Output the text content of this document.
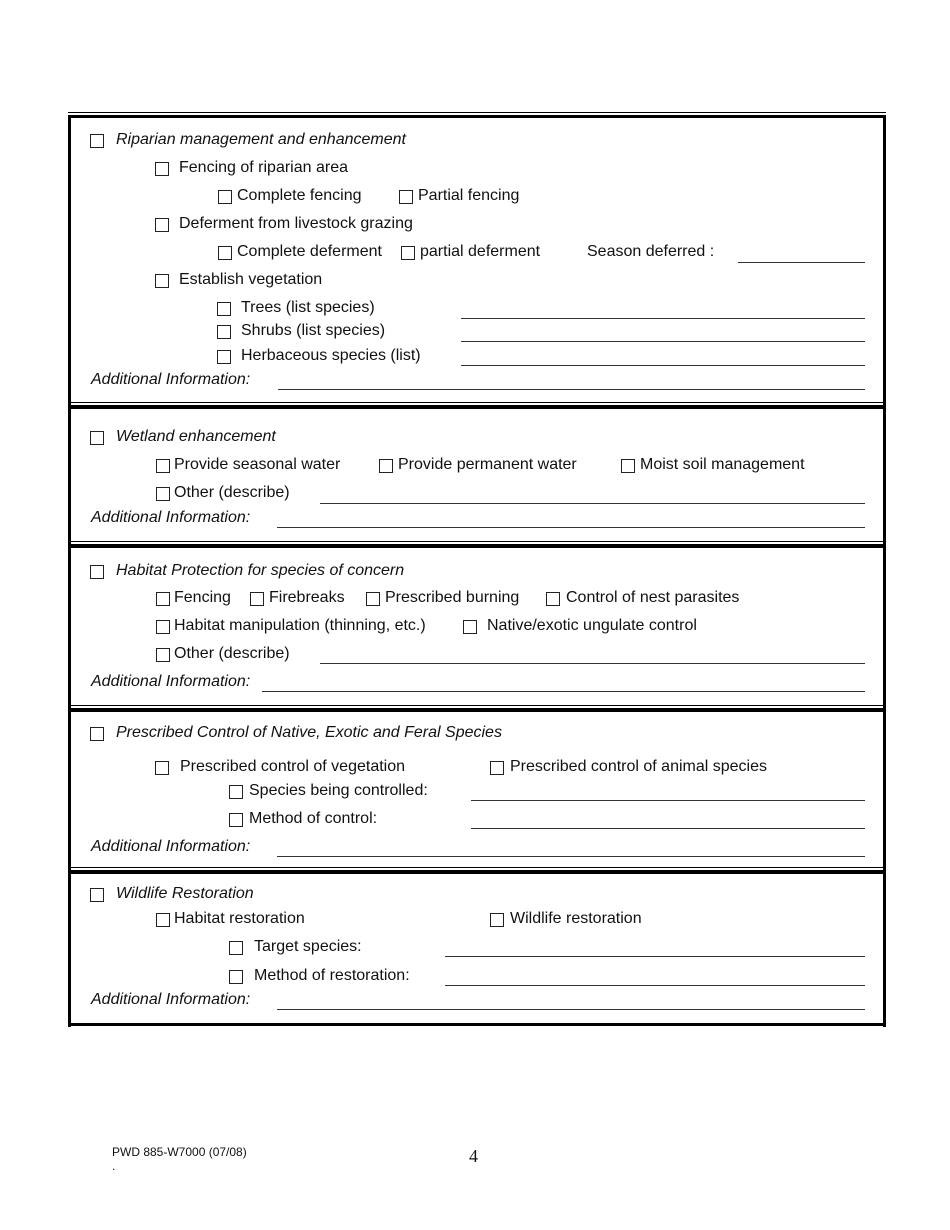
Riparian management and enhancement
Fencing of riparian area
Complete fencing	Partial fencing
Deferment from livestock grazing
Complete deferment partial deferment	Season deferred :
Establish vegetation
Trees (list species)
Shrubs (list species)
Herbaceous species (list)
Additional Information:
Wetland enhancement
Provide seasonal water	Provide permanent water	Moist soil management
Other (describe)
Additional Information:
Habitat Protection for species of concern
Fencing Firebreaks	Prescribed burning	Control of nest parasites
Habitat manipulation (thinning, etc.)	Native/exotic ungulate control
Other (describe)
Additional Information:
Prescribed Control of Native, Exotic and Feral Species
Prescribed control of vegetation	Prescribed control of animal species
Species being controlled:
Method of control:
Additional Information:
Wildlife Restoration
Habitat restoration	Wildlife restoration
Target species:
Method of restoration:
Additional Information:
PWD 885-W7000 (07/08)
.	4
